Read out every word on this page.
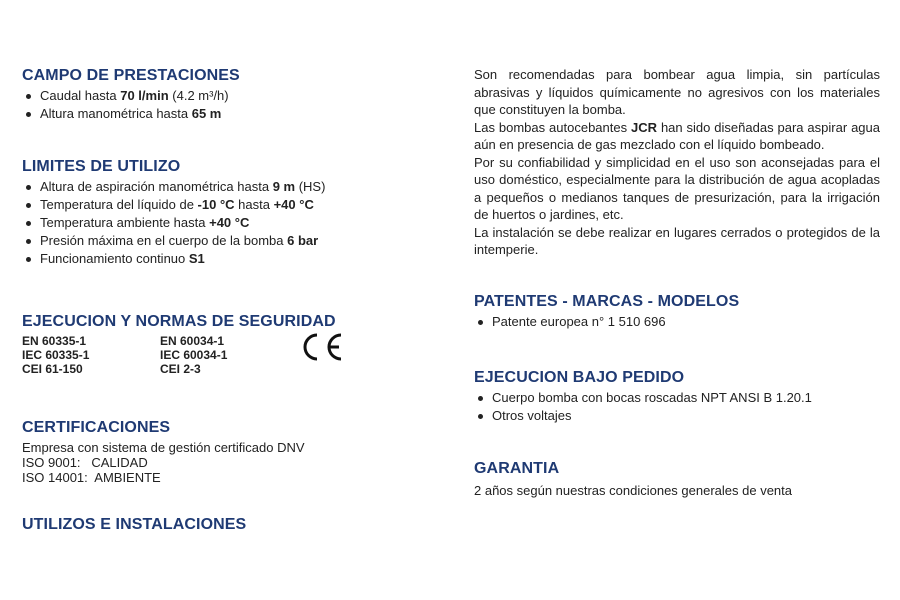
CAMPO DE PRESTACIONES
Caudal hasta 70 l/min (4.2 m³/h)
Altura manométrica hasta 65 m
LIMITES DE UTILIZO
Altura de aspiración manométrica hasta 9 m (HS)
Temperatura del líquido de -10 °C hasta +40 °C
Temperatura ambiente hasta +40 °C
Presión máxima en el cuerpo de la bomba 6 bar
Funcionamiento continuo S1
EJECUCION Y NORMAS DE SEGURIDAD
EN 60335-1	EN 60034-1
IEC 60335-1	IEC 60034-1
CEI 61-150	CEI 2-3
CERTIFICACIONES

Empresa con sistema de gestión certificado DNV

ISO 9001:   CALIDAD

ISO 14001:  AMBIENTE

UTILIZOS E INSTALACIONES

Son recomendadas para bombear agua limpia, sin partículas abrasivas y líquidos químicamente no agresivos con los materiales que constituyen la bomba.

Las bombas autocebantes JCR han sido diseñadas para aspirar agua aún en presencia de gas mezclado con el líquido bombeado.

Por su confiabilidad y simplicidad en el uso son aconsejadas para el uso doméstico, especialmente para la distribución de agua acopladas a pequeños o medianos tanques de presurización, para la irrigación de huertos o jardines, etc.

La instalación se debe realizar en lugares cerrados o protegidos de la intemperie.

PATENTES - MARCAS - MODELOS
Patente europea n° 1 510 696
EJECUCION BAJO PEDIDO
Cuerpo bomba con bocas roscadas NPT ANSI B 1.20.1
Otros voltajes
GARANTIA

2 años según nuestras condiciones generales de venta
